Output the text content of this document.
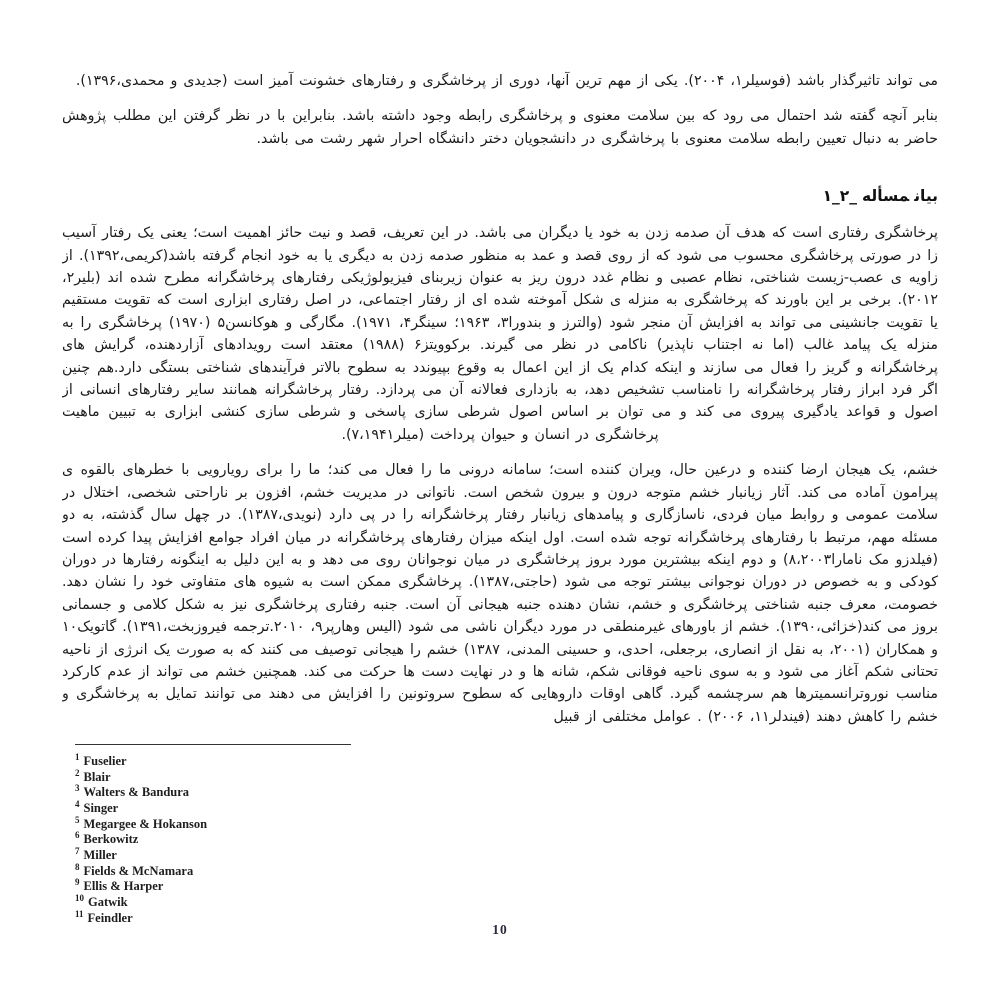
می تواند تاثیرگذار باشد (فوسیلر۱، ۲۰۰۴). یکی از مهم ترین آنها، دوری از پرخاشگری و رفتارهای خشونت آمیز است (جدیدی و محمدی،۱۳۹۶).

بنابر آنچه گفته شد احتمال می رود که بین سلامت معنوی و پرخاشگری رابطه وجود داشته باشد. بنابراین با در نظر گرفتن این مطلب پژوهش حاضر به دنبال تعیین رابطه سلامت معنوی با پرخاشگری در دانشجویان دختر دانشگاه احرار شهر رشت می باشد.

۱_۲_	بیانمسأله

پرخاشگری رفتاری است که هدف آن صدمه زدن به خود یا دیگران می باشد. در این تعریف، قصد و نیت حائز اهمیت است؛ یعنی یک رفتار آسیب زا در صورتی پرخاشگری محسوب می شود که از روی قصد و عمد به منظور صدمه زدن به دیگری یا به خود انجام گرفته باشد(کریمی،۱۳۹۲). از زاویه ی عصب-زیست شناختی، نظام عصبی و نظام غدد درون ریز به عنوان زیربنای فیزیولوژیکی رفتارهای پرخاشگرانه مطرح شده اند (بلیر۲، ۲۰۱۲). برخی بر این باورند که پرخاشگری به منزله ی شکل آموخته شده ای از رفتار اجتماعی، در اصل رفتاری ابزاری است که تقویت مستقیم یا تقویت جانشینی می تواند به افزایش آن منجر شود (والترز و بندورا۳، ۱۹۶۳؛ سینگر۴، ۱۹۷۱). مگارگی و هوکانسن۵ (۱۹۷۰) پرخاشگری را به منزله یک پیامد غالب (اما نه اجتناب ناپذیر) ناکامی در نظر می گیرند. برکوویتز۶ (۱۹۸۸) معتقد است رویدادهای آزاردهنده، گرایش های پرخاشگرانه و گریز را فعال می سازند و اینکه کدام یک از این اعمال به وقوع بپیوندد به سطوح بالاتر فرآیندهای شناختی بستگی دارد.هم چنین اگر فرد ابراز رفتار پرخاشگرانه را نامناسب تشخیص دهد، به بازداری فعالانه آن می پردازد. رفتار پرخاشگرانه همانند سایر رفتارهای انسانی از اصول و قواعد یادگیری پیروی می کند و می توان بر اساس اصول شرطی سازی پاسخی و شرطی سازی کنشی ابزاری به تبیین ماهیت پرخاشگری در انسان و حیوان پرداخت (میلر۷،۱۹۴۱).

خشم، یک هیجان ارضا کننده و درعین حال، ویران کننده است؛ سامانه درونی ما را فعال می کند؛ ما را برای رویارویی با خطرهای بالقوه ی پیرامون آماده می کند. آثار زیانبار خشم متوجه درون و بیرون شخص است. ناتوانی در مدیریت خشم، افزون بر ناراحتی شخصی، اختلال در سلامت عمومی و روابط میان فردی، ناسازگاری و پیامدهای زیانبار رفتار پرخاشگرانه را در پی دارد (نویدی،۱۳۸۷). در چهل سال گذشته، به دو مسئله مهم، مرتبط با رفتارهای پرخاشگرانه توجه شده است. اول اینکه میزان رفتارهای پرخاشگرانه در میان افراد جوامع افزایش پیدا کرده است (فیلدزو مک نامارا۸،۲۰۰۳) و دوم اینکه بیشترین مورد بروز پرخاشگری در میان نوجوانان روی می دهد و به این دلیل به اینگونه رفتارها در دوران کودکی و به خصوص در دوران نوجوانی بیشتر توجه می شود (حاجتی،۱۳۸۷). پرخاشگری ممکن است به شیوه های متفاوتی خود را نشان دهد. خصومت، معرف جنبه شناختی پرخاشگری و خشم، نشان دهنده جنبه هیجانی آن است. جنبه رفتاری پرخاشگری نیز به شکل کلامی و جسمانی بروز می کند(خزائی،۱۳۹۰). خشم از باورهای غیرمنطقی در مورد دیگران ناشی می شود (الیس وهارپر۹، ۲۰۱۰.ترجمه فیروزبخت،۱۳۹۱). گاتویک۱۰ و همکاران (۲۰۰۱، به نقل از انصاری، برجعلی، احدی، و حسینی المدنی، ۱۳۸۷) خشم را هیجانی توصیف می کنند که به صورت یک انرژی از ناحیه تحتانی شکم آغاز می شود و به سوی ناحیه فوقانی شکم، شانه ها و در نهایت دست ها حرکت می کند. همچنین خشم می تواند از عدم کارکرد مناسب نوروترانسمیترها هم سرچشمه گیرد. گاهی اوقات داروهایی که سطوح سروتونین را افزایش می دهند می توانند تمایل به پرخاشگری و خشم را کاهش دهند (فیندلر۱۱، ۲۰۰۶) . عوامل مختلفی از قبیل

$^1$ Fuselier
$^2$ Blair
$^3$ Walters & Bandura
$^4$ Singer
$^5$ Megargee & Hokanson
$^6$ Berkowitz
$^7$ Miller
$^8$ Fields & McNamara
$^9$ Ellis & Harper
$^{10}$ Gatwik
$^{11}$ Feindler
10
